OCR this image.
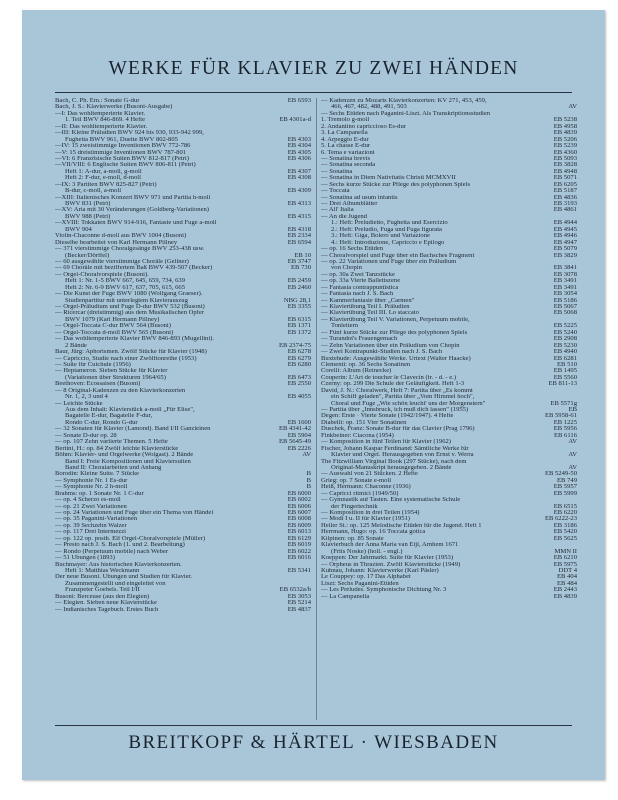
WERKE FÜR KLAVIER ZU ZWEI HÄNDEN
Bach, C. Ph. Em.: Sonate G-dur	EB 6593
Bach, J. S.: Klavierwerke (Busoni-Ausgabe)
—I: Das wohltemperierte Klavier.
1. Teil BWV 846-869. 4 Hefte	EB 4301a-d
—II: Das wohltemperierte Klavier.
—III: Kleine Präludien BWV 924 bis 930, 933-942 999,
Fughetta BWV 961, Duette BWV 802-805	EB 4303
—IV: 15 zweistimmige Inventionen BWV 772-786	EB 4304
—V: 15 dreistimmige Inventionen BWV 787-801	EB 4305
—VI: 6 Französische Suiten BWV 812-817 (Petri)	EB 4306
—VII/VIII: 6 Englische Suiten BWV 806-811 (Petri)
Heft 1: A-dur, a-moll, g-moll	EB 4307
Heft 2: F-dur, e-moll, d-moll	EB 4308
—IX: 3 Partiten BWV 825-827 (Petri)
B-dur, c-moll, a-moll	EB 4309
—XIII: Italienisches Konzert BWV 971 und Partita h-moll
BWV 831 (Petri)	EB 4313
—XV: Aria mit 30 Veränderungen (Goldberg-Variationen)
BWV 988 (Petri)	EB 4315
—XVIII: Tokkaten BWV 914-916, Fantasie und Fuge a-moll
BWV 904	EB 4318
Violin-Chaconne d-moll aus BWV 1004 (Busoni)	EB 2334
Dieselbe bearbeitet von Karl Hermann Pillney	EB 6594
— 371 vierstimmige Choralgesänge BWV 253-438 usw.
(Becker/Dörffel)	EB 10
— 60 ausgewählte vierstimmige Choräle (Gellner)	EB 3747
— 69 Choräle mit beziffertem Baß BWV 439-507 (Becker)	EB 730
— Orgel-Choralvorspiele (Busoni).
Heft 1: Nr. 1-5 BWV 667, 645, 659, 734, 639	EB 2459
Heft 2: Nr. 6-9 BWV 617, 637, 705, 615, 665	EB 2460
— Die Kunst der Fuge BWV 1080 (Wolfgang Graeser).
Studienpartitur mit unterlegtem Klavierauszug	NBG 28,1
— Orgel-Präludium und Fuge D-dur BWV 532 (Busoni)	EB 3355
— Ricercar (dreistimmig) aus dem Musikalischen Opfer
BWV 1079 (Karl Hermann Pillney)	EB 6315
— Orgel-Toccata C-dur BWV 564 (Busoni)	EB 1371
— Orgel-Toccata d-moll BWV 565 (Busoni)	EB 1372
— Das wohltemperierte Klavier BWV 846-893 (Mugellini).
2 Bände	EB 2374-75
Baur, Jürg: Aphorismen. Zwölf Stücke für Klavier (1948)	EB 6278
— Capriccio, Studie nach einer Zwölftonreihe (1953)	EB 6279
— Suite für Cuichule (1956)	EB 6280
— Heptameron. Sieben Stücke für Klavier
(Variationen über Strukturen 1964/65)	EB 6473
Beethoven: Ecossaisen (Busoni)	EB 2550
— 8 Original-Kadenzen zu den Klavierkonzerten
Nr. 1, 2, 3 und 4	EB 4055
— Leichte Stücke
Aus dem Inhalt: Klavierstück a-moll „Für Elise",
Bagatelle E-dur, Bagatelle F-dur,
Rondo C-dur, Rondo G-dur	EB 1600
— 32 Sonaten für Klavier (Lamond). Band I/II Ganzleinen	EB 4341-42
— Sonate D-dur op. 28	EB 5904
— op. 107 Zehn variierte Themen. 5 Hefte	EB 5645-49
Bertini, H.: op. 84 Zwölf leichte Klavierstücke	EB 2226
Böhm: Klavier- und Orgelwerke (Wolgast). 2 Bände	AV
Band I: Freie Kompositionen und Klaviersuiten
Band II: Choralarbeiten und Anhang
Borodin: Kleine Suite. 7 Stücke	B
— Symphonie Nr. 1 Es-dur	B
— Symphonie Nr. 2 h-moll	B
Brahms: op. 1 Sonate Nr. 1 C-dur	EB 6000
— op. 4 Scherzo es-moll	EB 6002
— op. 21 Zwei Variationen	EB 6006
— op. 24 Variationen und Fuge über ein Thema von Händel	EB 6007
— op. 35 Paganini-Variationen	EB 6008
— op. 39 Sechzehn Walzer	EB 6009
— op. 117 Drei Intermezzi	EB 6013
— op. 122 op. posth. Elf Orgel-Choralvorspiele (Müller)	EB 6129
— Presto nach J. S. Bach (1. und 2. Bearbeitung)	EB 6019
— Rondo (Perpetuum mobile) nach Weber	EB 6022
— 51 Übungen (1893)	EB 6016
Buchmayer: Aus historischen Klavierkonzerten.
Heft 1: Matthias Weckmann	EB 5341
Der neue Busoni. Übungen und Studien für Klavier.
Zusammengestellt und eingeleitet von
Franzpeter Goebels. Teil I/II	EB 6532a/b
Busoni: Berceuse (aus den Elegien)	EB 3053
— Elegien. Sieben neue Klavierstücke	EB 5214
— Indianisches Tagebuch. Erstes Buch	EB 4837
— Kadenzen zu Mozarts Klavierkonzerten: KV 271, 453, 459,
466, 467, 482, 488, 491, 503	AV
— Sechs Etüden nach Paganini-Liszt. Als Transkriptionsstudien
1. Tremolo g-moll	EB 5238
2. Andantino capriccioso Es-dur	EB 4958
3. La Campanella	EB 4839
4. Arpeggio E-dur	EB 5206
5. La chasse E-dur	EB 5239
6. Tema e variazioni	EB 4360
— Sonatina brevis	EB 5093
— Sonatina seconda	EB 3828
— Sonatina	EB 4948
— Sonatina in Diem Nativitatis Christi MCMXVII	EB 5071
— Sechs kurze Stücke zur Pflege des polyphonen Spiels	EB 6205
— Toccata	EB 5187
— Sonatina ad usum infantis	EB 4836
— Drei Albumblätter	EB 3193
— All' Italia	EB 4861
— An die Jugend
1.: Heft: Preludietto, Fughetta und Esercizio	EB 4944
2.: Heft: Preludio, Fuga und Fuga figurata	EB 4945
3.: Heft: Giga, Bolero und Variazione	EB 4946
4.: Heft: Introduzione, Capriccio e Epilogo	EB 4947
— op. 16 Sechs Etüden	EB 5079
— Choralvorspiel und Fuge über ein Bachsches Fragment	EB 3829
— op. 22 Variationen und Fuge über ein Präludium
von Chopin	EB 3841
— op. 30a Zwei Tanzstücke	EB 3078
— op. 33a Vierte Ballettszene	EB 3491
— Fantasia contrappuntistica	EB 3491
— Fantasia nach J. S. Bach	EB 3054
— Kammerfantasie über „Carmen"	EB 5186
— Klavierübung Teil I. Präludien	EB 5067
— Klavierübung Teil III. Lo staccato	EB 5068
— Klavierübung Teil V. Variationen, Perpetuum mobile,
Tonleitern	EB 5225
— Fünf kurze Stücke zur Pflege des polyphonen Spiels	EB 5240
— Turandot's Frauengemach	EB 2908
— Zehn Variationen über ein Präludium von Chopin	EB 5230
— Zwei Kontrapunkt-Studien nach J. S. Bach	EB 4940
Buxtehude: Ausgewählte Werke. Urtext (Walter Haacke)	EB 6281
Clementi: op. 36 Sechs Sonatinen	EB 510
Corelli: Album (Reinecke)	EB 1495
Couperin: L'Art de toucher le Clavecin (fr. - d. - e.)	EB 5560
Czerny: op. 299 Die Schule der Geläufigkeit. Heft 1-3	EB 811-13
David, J. N.: Choralwerk, Heft 7: Partita über „Es kommt
ein Schiff geladen", Partita über „Vom Himmel hoch",
Choral und Fuge „Wie schön leucht' uns der Morgenstern"	EB 5571g
— Partita über „Innsbruck, ich muß dich lassen" (1955)	EB
Degen: Erste · Vierte Sonate (1942/1947). 4 Hefte	EB 5958-61
Diabelli: op. 151 Vier Sonatinen	EB 1225
Duschek, Franz: Sonate B-dur für das Clavier (Prag 1796)	EB 5956
Finkbeiner: Ciacona (1954)	EB 6116
— Komposition in fünf Teilen für Klavier (1962)	AV
Fischer, Johann Kaspar Ferdinand: Sämtliche Werke für
Klavier und Orgel. Herausgegeben von Ernst v. Werra	AV
The Fitzwilliam Virginal Book (297 Stücke), nach dem
Original-Manuskript herausgegeben. 2 Bände	AV
— Auswahl von 21 Stücken. 2 Hefte	EB 5249-50
Grieg: op. 7 Sonate e-moll	EB 749
Heiß, Hermann: Chaconne (1936)	EB 5957
— Capricci ritmici (1949/50)	EB 5999
— Gymnastik auf Tasten. Eine systematische Schule
der Fingertechnik	EB 6515
— Komposition in drei Teilen (1954)	EB 6220
— Modi I u. II für Klavier (1951)	EB 6222-23
Heller St.: op. 125 Melodische Etüden für die Jugend. Heft 1	EB 3186
Herrmann, Hugo: op. 16 Toccata gotica	EB 5420
Kilpinen: op. 85 Sonate	EB 5625
Klavierbuch der Anna Maria van Eijl, Arnhem 1671
(Frits Noske) (holl. - engl.)	MMN II
Koeppen: Der Jahrmarkt. Suite für Klavier (1953)	EB 6210
— Orpheus in Thrazien. Zwölf Klavierstücke (1949)	EB 5975
Kuhnau, Johann: Klavierwerke (Karl Päsler)	DDT 4
Le Couppey: op. 17 Das Alphabet	EB 404
Liszt: Sechs Paganini-Etüden	EB 484
— Les Préludes. Symphonische Dichtung Nr. 3	EB 2443
— La Campanella	EB 4839
BREITKOPF & HÄRTEL · WIESBADEN
